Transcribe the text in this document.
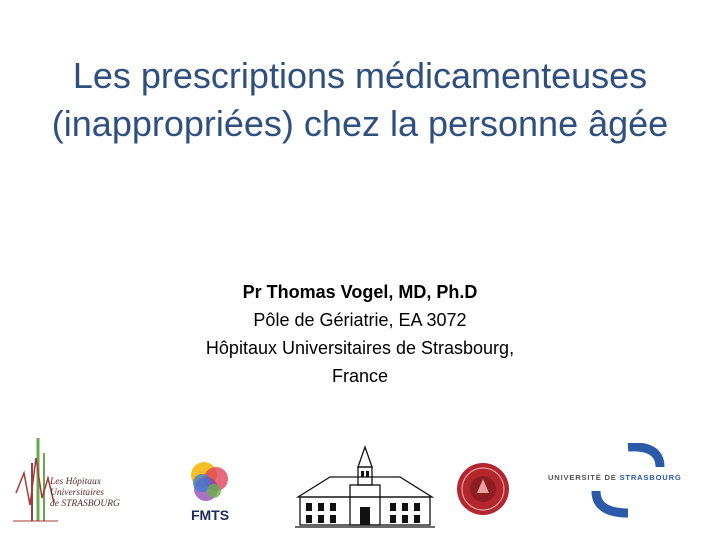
Les prescriptions médicamenteuses (inappropriées) chez la personne âgée
Pr Thomas Vogel, MD, Ph.D
Pôle de Gériatrie, EA 3072
Hôpitaux Universitaires de Strasbourg,
France
Les Hôpitaux
Universitaires
de STRASBOURG
FMTS
UNIVERSITÉ DE STRASBOURG
